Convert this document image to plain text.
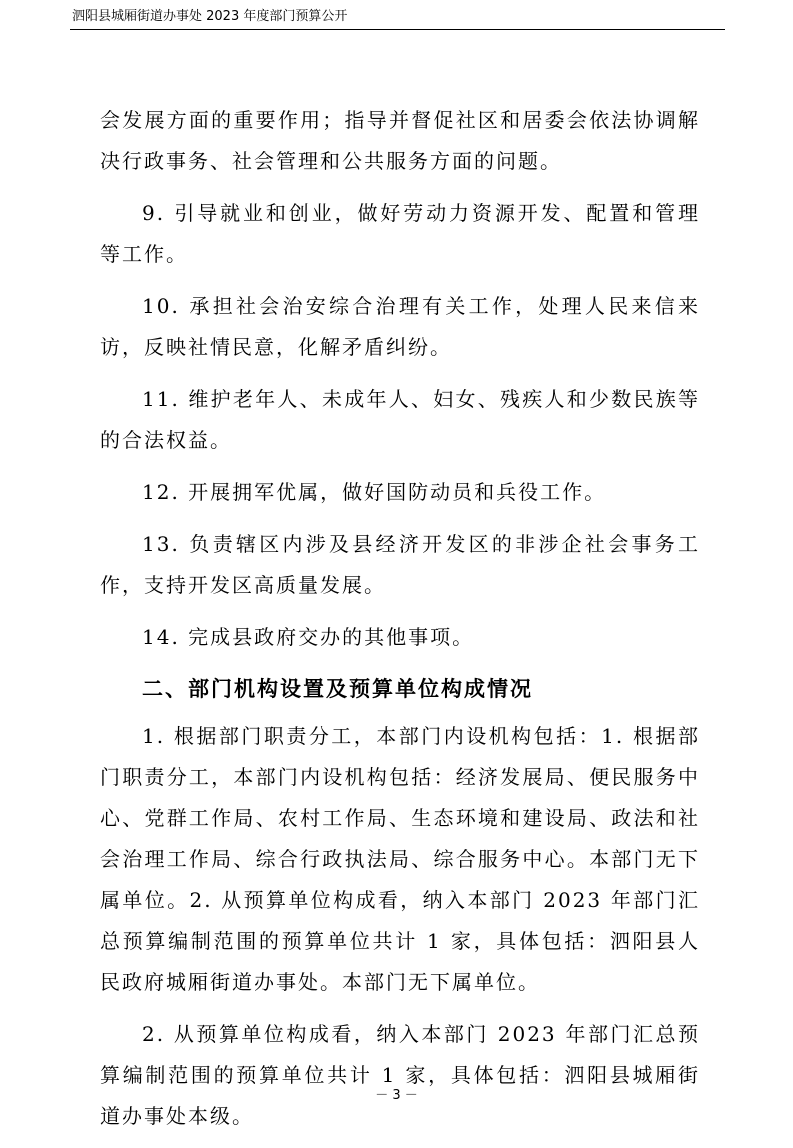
泗阳县城厢街道办事处 2023 年度部门预算公开

会发展方面的重要作用；指导并督促社区和居委会依法协调解决行政事务、社会管理和公共服务方面的问题。

9. 引导就业和创业，做好劳动力资源开发、配置和管理等工作。

10. 承担社会治安综合治理有关工作，处理人民来信来访，反映社情民意，化解矛盾纠纷。

11. 维护老年人、未成年人、妇女、残疾人和少数民族等的合法权益。

12. 开展拥军优属，做好国防动员和兵役工作。

13. 负责辖区内涉及县经济开发区的非涉企社会事务工作，支持开发区高质量发展。

14. 完成县政府交办的其他事项。

二、部门机构设置及预算单位构成情况

1. 根据部门职责分工，本部门内设机构包括：1. 根据部门职责分工，本部门内设机构包括：经济发展局、便民服务中心、党群工作局、农村工作局、生态环境和建设局、政法和社会治理工作局、综合行政执法局、综合服务中心。本部门无下属单位。2. 从预算单位构成看，纳入本部门 2023 年部门汇总预算编制范围的预算单位共计 1 家，具体包括：泗阳县人民政府城厢街道办事处。本部门无下属单位。

2. 从预算单位构成看，纳入本部门 2023 年部门汇总预算编制范围的预算单位共计 1 家，具体包括：泗阳县城厢街道办事处本级。

－ 3 －
